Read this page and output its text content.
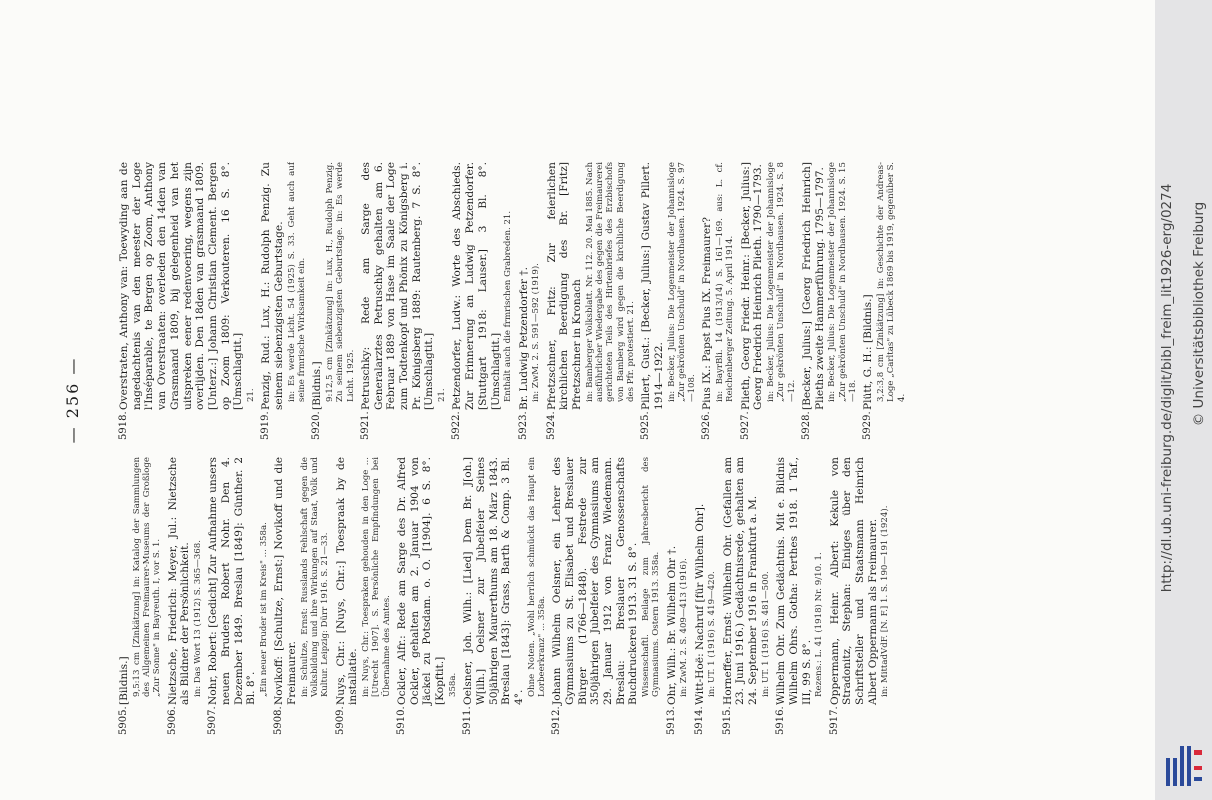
— 256 —
5905.
[Bildnis.] 9,5:13 cm [Zinkätzung] in: Katalog der Sammlungen des Allgemeinen Freimaurer-Museums der Großloge „Zur Sonne" in Bayreuth. I, vor S. 1.
5906.
Nietzsche, Friedrich: Meyer, Jul.: Nietzsche als Bildner der Persönlichkeit. in: Das Wort 13 (1912) S. 365—368.
5907.
Nohr, Robert: [Gedicht] Zur Aufnahme unsers neuen Bruders Robert Nohr. Den 4. Dezember 1849. Breslau [1849]: Günther. 2 Bl. 8°. „Ein neuer Bruder ist im Kreis" ... 358a.
5908.
Novikoff: [Schultze, Ernst:] Novikoff und die Freimaurer. in: Schultze, Ernst: Russlands Fehlschaft gegen die Volksbildung und ihre Wirkungen auf Staat, Volk und Kultur. Leipzig: Dürr 1916. S. 21—33.
5909.
Nuys, Chr.: [Nuys, Chr.:] Toespraak by de installatie. in: Nuys, Chr.: Toespraken gehouden in den Loge ... [Utrecht 1907]. S. Persönliche Empfindungen bei Übernahme des Amtes.
5910.
Ockler, Alfr.: Rede am Sarge des Dr. Alfred Ockler, gehalten am 2. Januar 1904 von Jäckel zu Potsdam. o. O. [1904]. 6 S. 8°. [Kopftit.] 358a.
5911.
Oelsner, Joh. Wilh.: [Lied] Dem Br. J[oh.] W[ilh.] Oelsner zur Jubelfeier Seines 50jährigen Maurerthums am 18. März 1843. Breslau [1843]: Grass, Barth & Comp. 3 Bl. 4°.
Ohne Noten. „Wohl herrlich schmückt das Haupt ein Lorbeerkranz" ... 358a.
5912.
Johann Wilhelm Oelsner, ein Lehrer des Gymnasiums zu St. Elisabet und Breslauer Bürger (1766—1848). Festrede zur 350jährigen Jubelfeier des Gymnasiums am 29. Januar 1912 von Franz Wiedemann. Breslau: Breslauer Genossenschafts Buchdruckerei 1913. 31 S. 8°. Wissenschaftl. Beilage zum Jahresbericht des Gymnasiums. Ostern 1913. 358a.
5913.
Ohr, Wilh.: Br. Wilhelm Ohr †. in: ZwM. 2. S. 409—413 (1916).
5914.
Witt-Hoë: Nachruf [für Wilhelm Ohr]. in: UT. 1 (1916) S. 419—420.
5915.
Horneffer, Ernst: Wilhelm Ohr. (Gefallen am 23. Juni 1916.) Gedächtnisrede, gehalten am 24. September 1916 in Frankfurt a. M. in: UT. 1 (1916) S. 481—500.
5916.
Wilhelm Ohr. Zum Gedächtnis. Mit e. Bildnis Wilhelm Ohrs. Gotha: Perthes 1918. 1 Taf., III, 99 S. 8°. Rezens.: L. 41 (1918) Nr. 9/10. 1.
5917.
Oppermann, Heinr. Albert: Kekule von Stradonitz, Stephan: Einiges über den Schriftsteller und Staatsmann Heinrich Albert Oppermann als Freimaurer. in: MittadVdF. [N. F.] 1. S. 190—191 (1924).
5918.
Overstraten, Anthony van: Toewyding aan de nagedachtenis van den meester der Loge l'Inséparable, te Bergen op Zoom, Anthony van Overstraaten: overleden den 14den van Grasmaand 1809, bij gelegenheid van het uitspreken eener redenvoering, wegens zijn overlijden. Den 18den van grasmaand 1809. [Unterz.:] Johann Christian Clement. Bergen op Zoom 1809: Verkouteren. 16 S. 8°. [Umschlagtit.] 21.
5919.
Penzig, Rud.: Lux, H.: Rudolph Penzig. Zu seinem siebenzigsten Geburtstage. in: Es werde Licht. 54 (1925) S. 33. Geht auch auf seine frmrische Wirksamkeit ein.
5920.
[Bildnis.] 9:12,5 cm [Zinkätzung] in: Lux, H., Rudolph Penzig. Zu seinem siebenzigsten Geburtstage. in: Es werde Licht. 1925.
5921.
Petruschky: Rede am Sarge des Generalarztes Petruschky gehalten am 6. Februar 1889 von Hase im Saale der Loge zum Todtenkopf und Phönix zu Königsberg i. Pr. Königsberg 1889: Rautenberg. 7 S. 8°. [Umschlagtit.] 21.
5922.
Petzendorfer, Ludw.: Worte des Abschieds. Zur Erinnerung an Ludwig Petzendorfer. [Stuttgart 1918: Lauser.] 3 Bl. 8°. [Umschlagtit.] Enthält auch die frmrischen Grabreden. 21.
5923.
Br. Ludwig Petzendorfer †. in: ZwM. 2. S. 591—592 (1919).
5924.
Pfretzschner, Fritz: Zur feierlichen kirchlichen Beerdigung des Br. [Fritz] Pfretzschner in Kronach in: Bamberger Volksblatt. Nr. 112. 20. Mai 1885. Nach ausführlicher Wiedergabe des gegen die Freimaurerei gerichteten Teils des Hirtenbriefes des Erzbischofs von Bamberg wird gegen die kirchliche Beerdigung des Pfr. protestiert. 21.
5925.
Pillert, Gust.: [Becker, Julius:] Gustav Pillert. 1914—1922. in: Becker, Julius: Die Logenmeister der Johannisloge „Zur gekrönten Unschuld" in Nordhausen. 1924. S. 97—108.
5926.
Pius IX.: Papst Pius IX. Freimaurer? in: BayrBli. 14 (1913/14) S. 161—169. aus: L. cf. Reichenberger Zeitung. 5. April 1914.
5927.
Plieth, Georg Friedr. Heinr.: [Becker, Julius:] Georg Friedrich Heinrich Plieth. 1790—1793. in: Becker, Julius: Die Logenmeister der Johannisloge „Zur gekrönten Unschuld" in Nordhausen. 1924. S. 8—12.
5928.
[Becker, Julius:] [Georg Friedrich Heinrich] Plieths zweite Hammerführung. 1795—1797. in: Becker, Julius: Die Logenmeister der Johannisloge „Zur gekrönten Unschuld" in Nordhausen. 1924. S. 15—18.
5929.
Plütt, G. H.: [Bildnis.] 3,2:3,8 cm [Zinkätzung] in: Geschichte der Andreas-Loge „Carltas" zu Lübeck 1869 bis 1919, gegenüber S. 4.	http://dl.ub.uni-freiburg.de/diglit/bibl_freim_lit1926-erg/0274 © Universitätsbibliothek Freiburg
